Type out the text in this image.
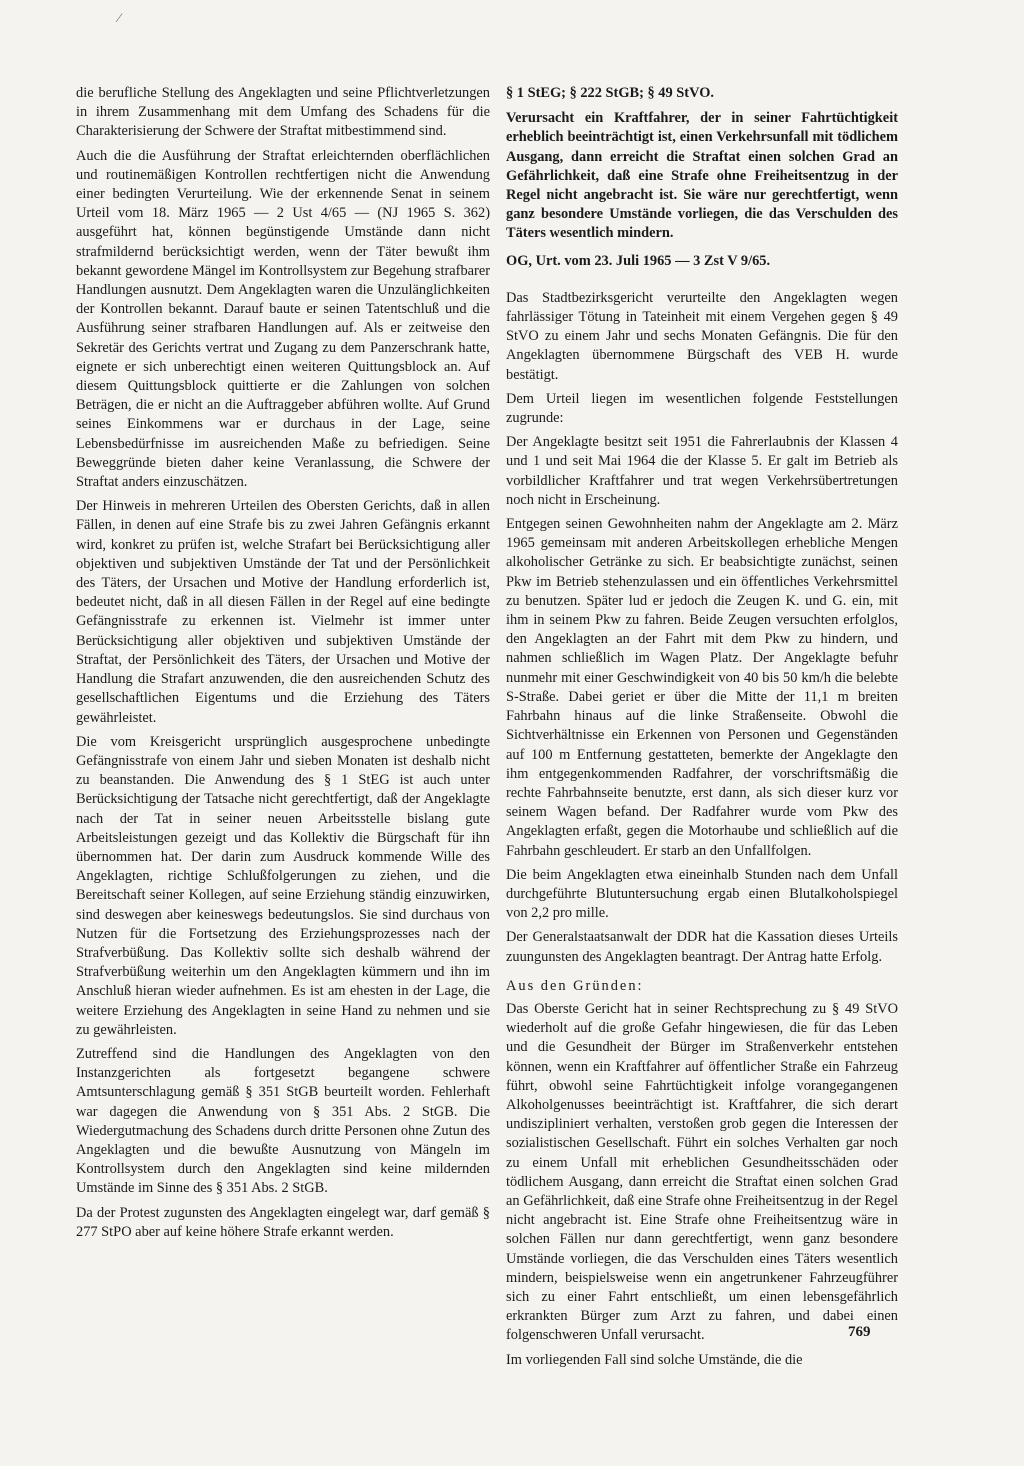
⁄

die berufliche Stellung des Angeklagten und seine Pflichtverletzungen in ihrem Zusammenhang mit dem Umfang des Schadens für die Charakterisierung der Schwere der Straftat mitbestimmend sind.

Auch die die Ausführung der Straftat erleichternden oberflächlichen und routinemäßigen Kontrollen rechtfertigen nicht die Anwendung einer bedingten Verurteilung. Wie der erkennende Senat in seinem Urteil vom 18. März 1965 — 2 Ust 4/65 — (NJ 1965 S. 362) ausgeführt hat, können begünstigende Umstände dann nicht strafmildernd berücksichtigt werden, wenn der Täter bewußt ihm bekannt gewordene Mängel im Kontrollsystem zur Begehung strafbarer Handlungen ausnutzt. Dem Angeklagten waren die Unzulänglichkeiten der Kontrollen bekannt. Darauf baute er seinen Tatentschluß und die Ausführung seiner strafbaren Handlungen auf. Als er zeitweise den Sekretär des Gerichts vertrat und Zugang zu dem Panzerschrank hatte, eignete er sich unberechtigt einen weiteren Quittungsblock an. Auf diesem Quittungsblock quittierte er die Zahlungen von solchen Beträgen, die er nicht an die Auftraggeber abführen wollte. Auf Grund seines Einkommens war er durchaus in der Lage, seine Lebensbedürfnisse im ausreichenden Maße zu befriedigen. Seine Beweggründe bieten daher keine Veranlassung, die Schwere der Straftat anders einzuschätzen.

Der Hinweis in mehreren Urteilen des Obersten Gerichts, daß in allen Fällen, in denen auf eine Strafe bis zu zwei Jahren Gefängnis erkannt wird, konkret zu prüfen ist, welche Strafart bei Berücksichtigung aller objektiven und subjektiven Umstände der Tat und der Persönlichkeit des Täters, der Ursachen und Motive der Handlung erforderlich ist, bedeutet nicht, daß in all diesen Fällen in der Regel auf eine bedingte Gefängnisstrafe zu erkennen ist. Vielmehr ist immer unter Berücksichtigung aller objektiven und subjektiven Umstände der Straftat, der Persönlichkeit des Täters, der Ursachen und Motive der Handlung die Strafart anzuwenden, die den ausreichenden Schutz des gesellschaftlichen Eigentums und die Erziehung des Täters gewährleistet.

Die vom Kreisgericht ursprünglich ausgesprochene unbedingte Gefängnisstrafe von einem Jahr und sieben Monaten ist deshalb nicht zu beanstanden. Die Anwendung des § 1 StEG ist auch unter Berücksichtigung der Tatsache nicht gerechtfertigt, daß der Angeklagte nach der Tat in seiner neuen Arbeitsstelle bislang gute Arbeitsleistungen gezeigt und das Kollektiv die Bürgschaft für ihn übernommen hat. Der darin zum Ausdruck kommende Wille des Angeklagten, richtige Schlußfolgerungen zu ziehen, und die Bereitschaft seiner Kollegen, auf seine Erziehung ständig einzuwirken, sind deswegen aber keineswegs bedeutungslos. Sie sind durchaus von Nutzen für die Fortsetzung des Erziehungsprozesses nach der Strafverbüßung. Das Kollektiv sollte sich deshalb während der Strafverbüßung weiterhin um den Angeklagten kümmern und ihn im Anschluß hieran wieder aufnehmen. Es ist am ehesten in der Lage, die weitere Erziehung des Angeklagten in seine Hand zu nehmen und sie zu gewährleisten.

Zutreffend sind die Handlungen des Angeklagten von den Instanzgerichten als fortgesetzt begangene schwere Amtsunterschlagung gemäß § 351 StGB beurteilt worden. Fehlerhaft war dagegen die Anwendung von § 351 Abs. 2 StGB. Die Wiedergutmachung des Schadens durch dritte Personen ohne Zutun des Angeklagten und die bewußte Ausnutzung von Mängeln im Kontrollsystem durch den Angeklagten sind keine mildernden Umstände im Sinne des § 351 Abs. 2 StGB.

Da der Protest zugunsten des Angeklagten eingelegt war, darf gemäß § 277 StPO aber auf keine höhere Strafe erkannt werden.

§ 1 StEG; § 222 StGB; § 49 StVO.

Verursacht ein Kraftfahrer, der in seiner Fahrtüchtigkeit erheblich beeinträchtigt ist, einen Verkehrsunfall mit tödlichem Ausgang, dann erreicht die Straftat einen solchen Grad an Gefährlichkeit, daß eine Strafe ohne Freiheitsentzug in der Regel nicht angebracht ist. Sie wäre nur gerechtfertigt, wenn ganz besondere Umstände vorliegen, die das Verschulden des Täters wesentlich mindern.

OG, Urt. vom 23. Juli 1965 — 3 Zst V 9/65.

Das Stadtbezirksgericht verurteilte den Angeklagten wegen fahrlässiger Tötung in Tateinheit mit einem Vergehen gegen § 49 StVO zu einem Jahr und sechs Monaten Gefängnis. Die für den Angeklagten übernommene Bürgschaft des VEB H. wurde bestätigt.

Dem Urteil liegen im wesentlichen folgende Feststellungen zugrunde:

Der Angeklagte besitzt seit 1951 die Fahrerlaubnis der Klassen 4 und 1 und seit Mai 1964 die der Klasse 5. Er galt im Betrieb als vorbildlicher Kraftfahrer und trat wegen Verkehrsübertretungen noch nicht in Erscheinung.

Entgegen seinen Gewohnheiten nahm der Angeklagte am 2. März 1965 gemeinsam mit anderen Arbeitskollegen erhebliche Mengen alkoholischer Getränke zu sich. Er beabsichtigte zunächst, seinen Pkw im Betrieb stehenzulassen und ein öffentliches Verkehrsmittel zu benutzen. Später lud er jedoch die Zeugen K. und G. ein, mit ihm in seinem Pkw zu fahren. Beide Zeugen versuchten erfolglos, den Angeklagten an der Fahrt mit dem Pkw zu hindern, und nahmen schließlich im Wagen Platz. Der Angeklagte befuhr nunmehr mit einer Geschwindigkeit von 40 bis 50 km/h die belebte S-Straße. Dabei geriet er über die Mitte der 11,1 m breiten Fahrbahn hinaus auf die linke Straßenseite. Obwohl die Sichtverhältnisse ein Erkennen von Personen und Gegenständen auf 100 m Entfernung gestatteten, bemerkte der Angeklagte den ihm entgegenkommenden Radfahrer, der vorschriftsmäßig die rechte Fahrbahnseite benutzte, erst dann, als sich dieser kurz vor seinem Wagen befand. Der Radfahrer wurde vom Pkw des Angeklagten erfaßt, gegen die Motorhaube und schließlich auf die Fahrbahn geschleudert. Er starb an den Unfallfolgen.

Die beim Angeklagten etwa eineinhalb Stunden nach dem Unfall durchgeführte Blutuntersuchung ergab einen Blutalkoholspiegel von 2,2 pro mille.

Der Generalstaatsanwalt der DDR hat die Kassation dieses Urteils zuungunsten des Angeklagten beantragt. Der Antrag hatte Erfolg.

Aus den Gründen:

Das Oberste Gericht hat in seiner Rechtsprechung zu § 49 StVO wiederholt auf die große Gefahr hingewiesen, die für das Leben und die Gesundheit der Bürger im Straßenverkehr entstehen können, wenn ein Kraftfahrer auf öffentlicher Straße ein Fahrzeug führt, obwohl seine Fahrtüchtigkeit infolge vorangegangenen Alkoholgenusses beeinträchtigt ist. Kraftfahrer, die sich derart undiszipliniert verhalten, verstoßen grob gegen die Interessen der sozialistischen Gesellschaft. Führt ein solches Verhalten gar noch zu einem Unfall mit erheblichen Gesundheitsschäden oder tödlichem Ausgang, dann erreicht die Straftat einen solchen Grad an Gefährlichkeit, daß eine Strafe ohne Freiheitsentzug in der Regel nicht angebracht ist. Eine Strafe ohne Freiheitsentzug wäre in solchen Fällen nur dann gerechtfertigt, wenn ganz besondere Umstände vorliegen, die das Verschulden eines Täters wesentlich mindern, beispielsweise wenn ein angetrunkener Fahrzeugführer sich zu einer Fahrt entschließt, um einen lebensgefährlich erkrankten Bürger zum Arzt zu fahren, und dabei einen folgenschweren Unfall verursacht.

Im vorliegenden Fall sind solche Umstände, die die

769
